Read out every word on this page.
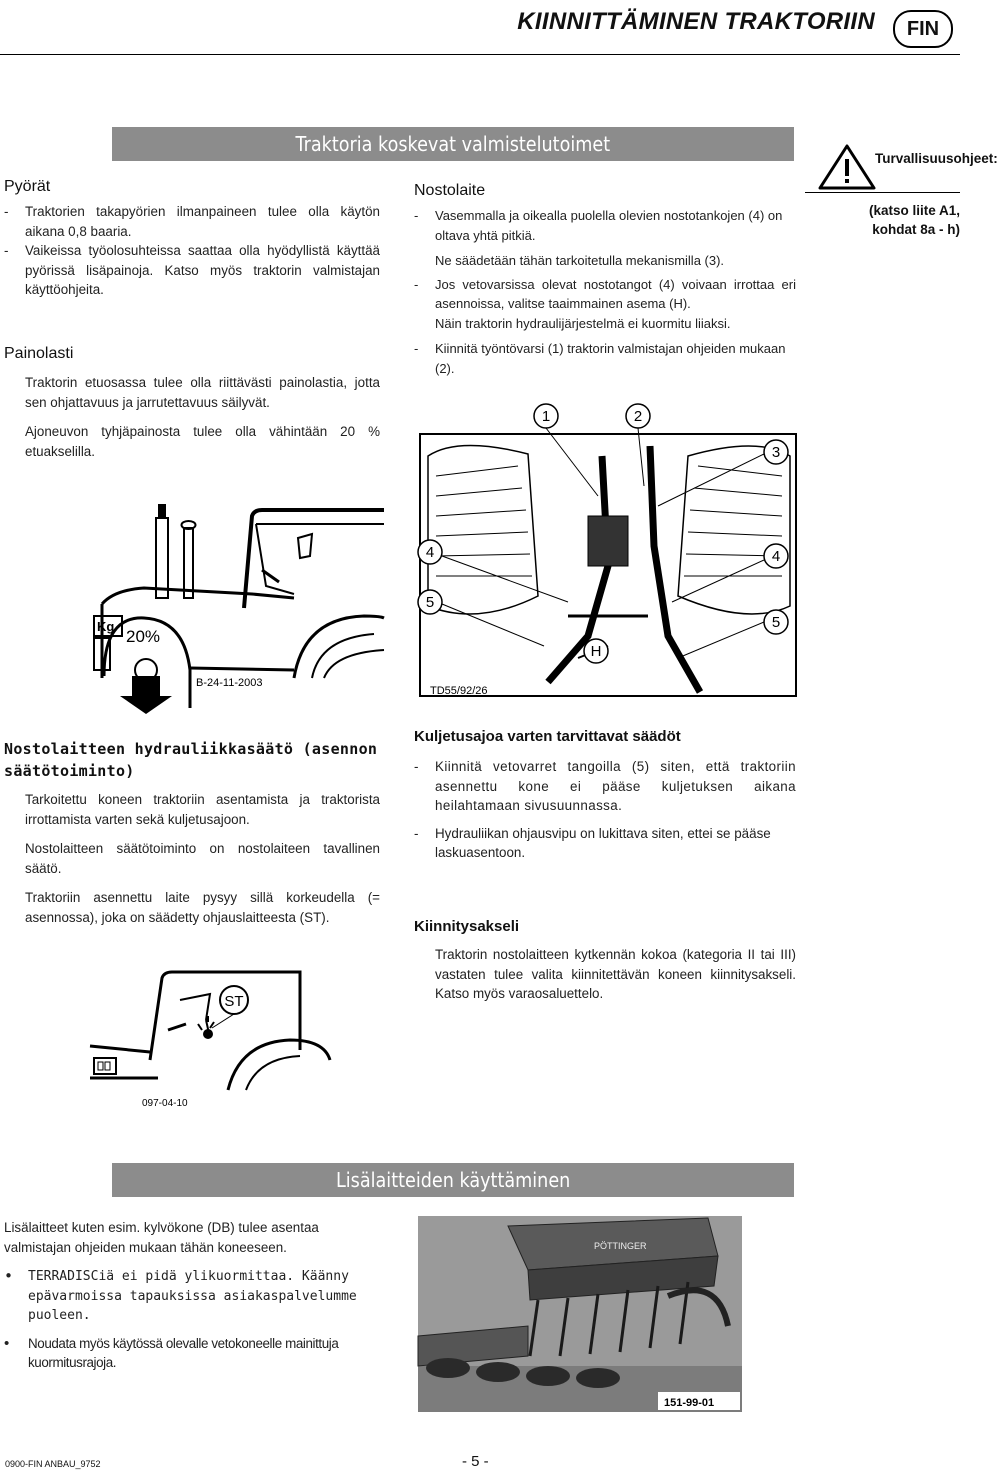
KIINNITTÄMINEN TRAKTORIIN	FIN
Traktoria koskevat valmistelutoimet
Pyörät
-	Traktorien takapyörien ilmanpaineen tulee olla käytön aikana 0,8 baaria.
-	Vaikeissa työolosuhteissa saattaa olla hyödyllistä käyttää pyörissä lisäpainoja. Katso myös traktorin valmistajan käyttöohjeita.
Painolasti

Traktorin etuosassa tulee olla riittävästi painolastia, jotta sen ohjattavuus ja jarrutettavuus säilyvät.

Ajoneuvon tyhjäpainosta tulee olla vähintään 20 % etuakselilla.

Nostolaite
-	Vasemmalla ja oikealla puolella olevien nostotankojen (4) on oltava yhtä pitkiä.

Ne säädetään tähän tarkoitetulla mekanismilla (3).

-	Jos vetovarsissa olevat nostotangot (4) voivaan irrottaa eri asennoissa, valitse taaimmainen asema (H).

Näin traktorin hydraulijärjestelmä ei kuormitu liiaksi.

-	Kiinnitä työntövarsi (1) traktorin valmistajan ohjeiden mukaan (2).
Turvallisuusohjeet:
(katso liite A1, kohdat 8a - h)
Kg
20%
B-24-11-2003
1	2
3
4	4
5
5
H
TD55/92/26
Nostolaitteen hydrauliikkasäätö (asennon säätötoiminto)

Tarkoitettu koneen traktoriin asentamista ja traktorista irrottamista varten sekä kuljetusajoon.

Nostolaitteen säätötoiminto on nostolaiteen tavallinen säätö.

Traktoriin asennettu laite pysyy sillä korkeudella (= asennossa), joka on säädetty ohjauslaitteesta (ST).

ST
097-04-10
Kuljetusajoa varten tarvittavat säädöt
-	Kiinnitä vetovarret tangoilla (5) siten, että traktoriin asennettu kone ei pääse kuljetuksen aikana heilahtamaan sivusuunnassa.
-	Hydrauliikan ohjausvipu on lukittava siten, ettei se pääse laskuasentoon.
Kiinnitysakseli

Traktorin nostolaitteen kytkennän kokoa (kategoria II tai III) vastaten tulee valita kiinnitettävän koneen kiinnitysakseli. Katso myös varaosaluettelo.

Lisälaitteiden käyttäminen

Lisälaitteet kuten esim. kylvökone (DB) tulee asentaa valmistajan ohjeiden mukaan tähän koneeseen.

•	TERRADISCiä ei pidä ylikuormittaa. Käänny epävarmoissa tapauksissa asiakaspalvelumme puoleen.
•	Noudata myös käytössä olevalle vetokoneelle mainittuja kuormitusrajoja.
PÖTTINGER
151-99-01
0900-FIN ANBAU_9752	- 5 -
